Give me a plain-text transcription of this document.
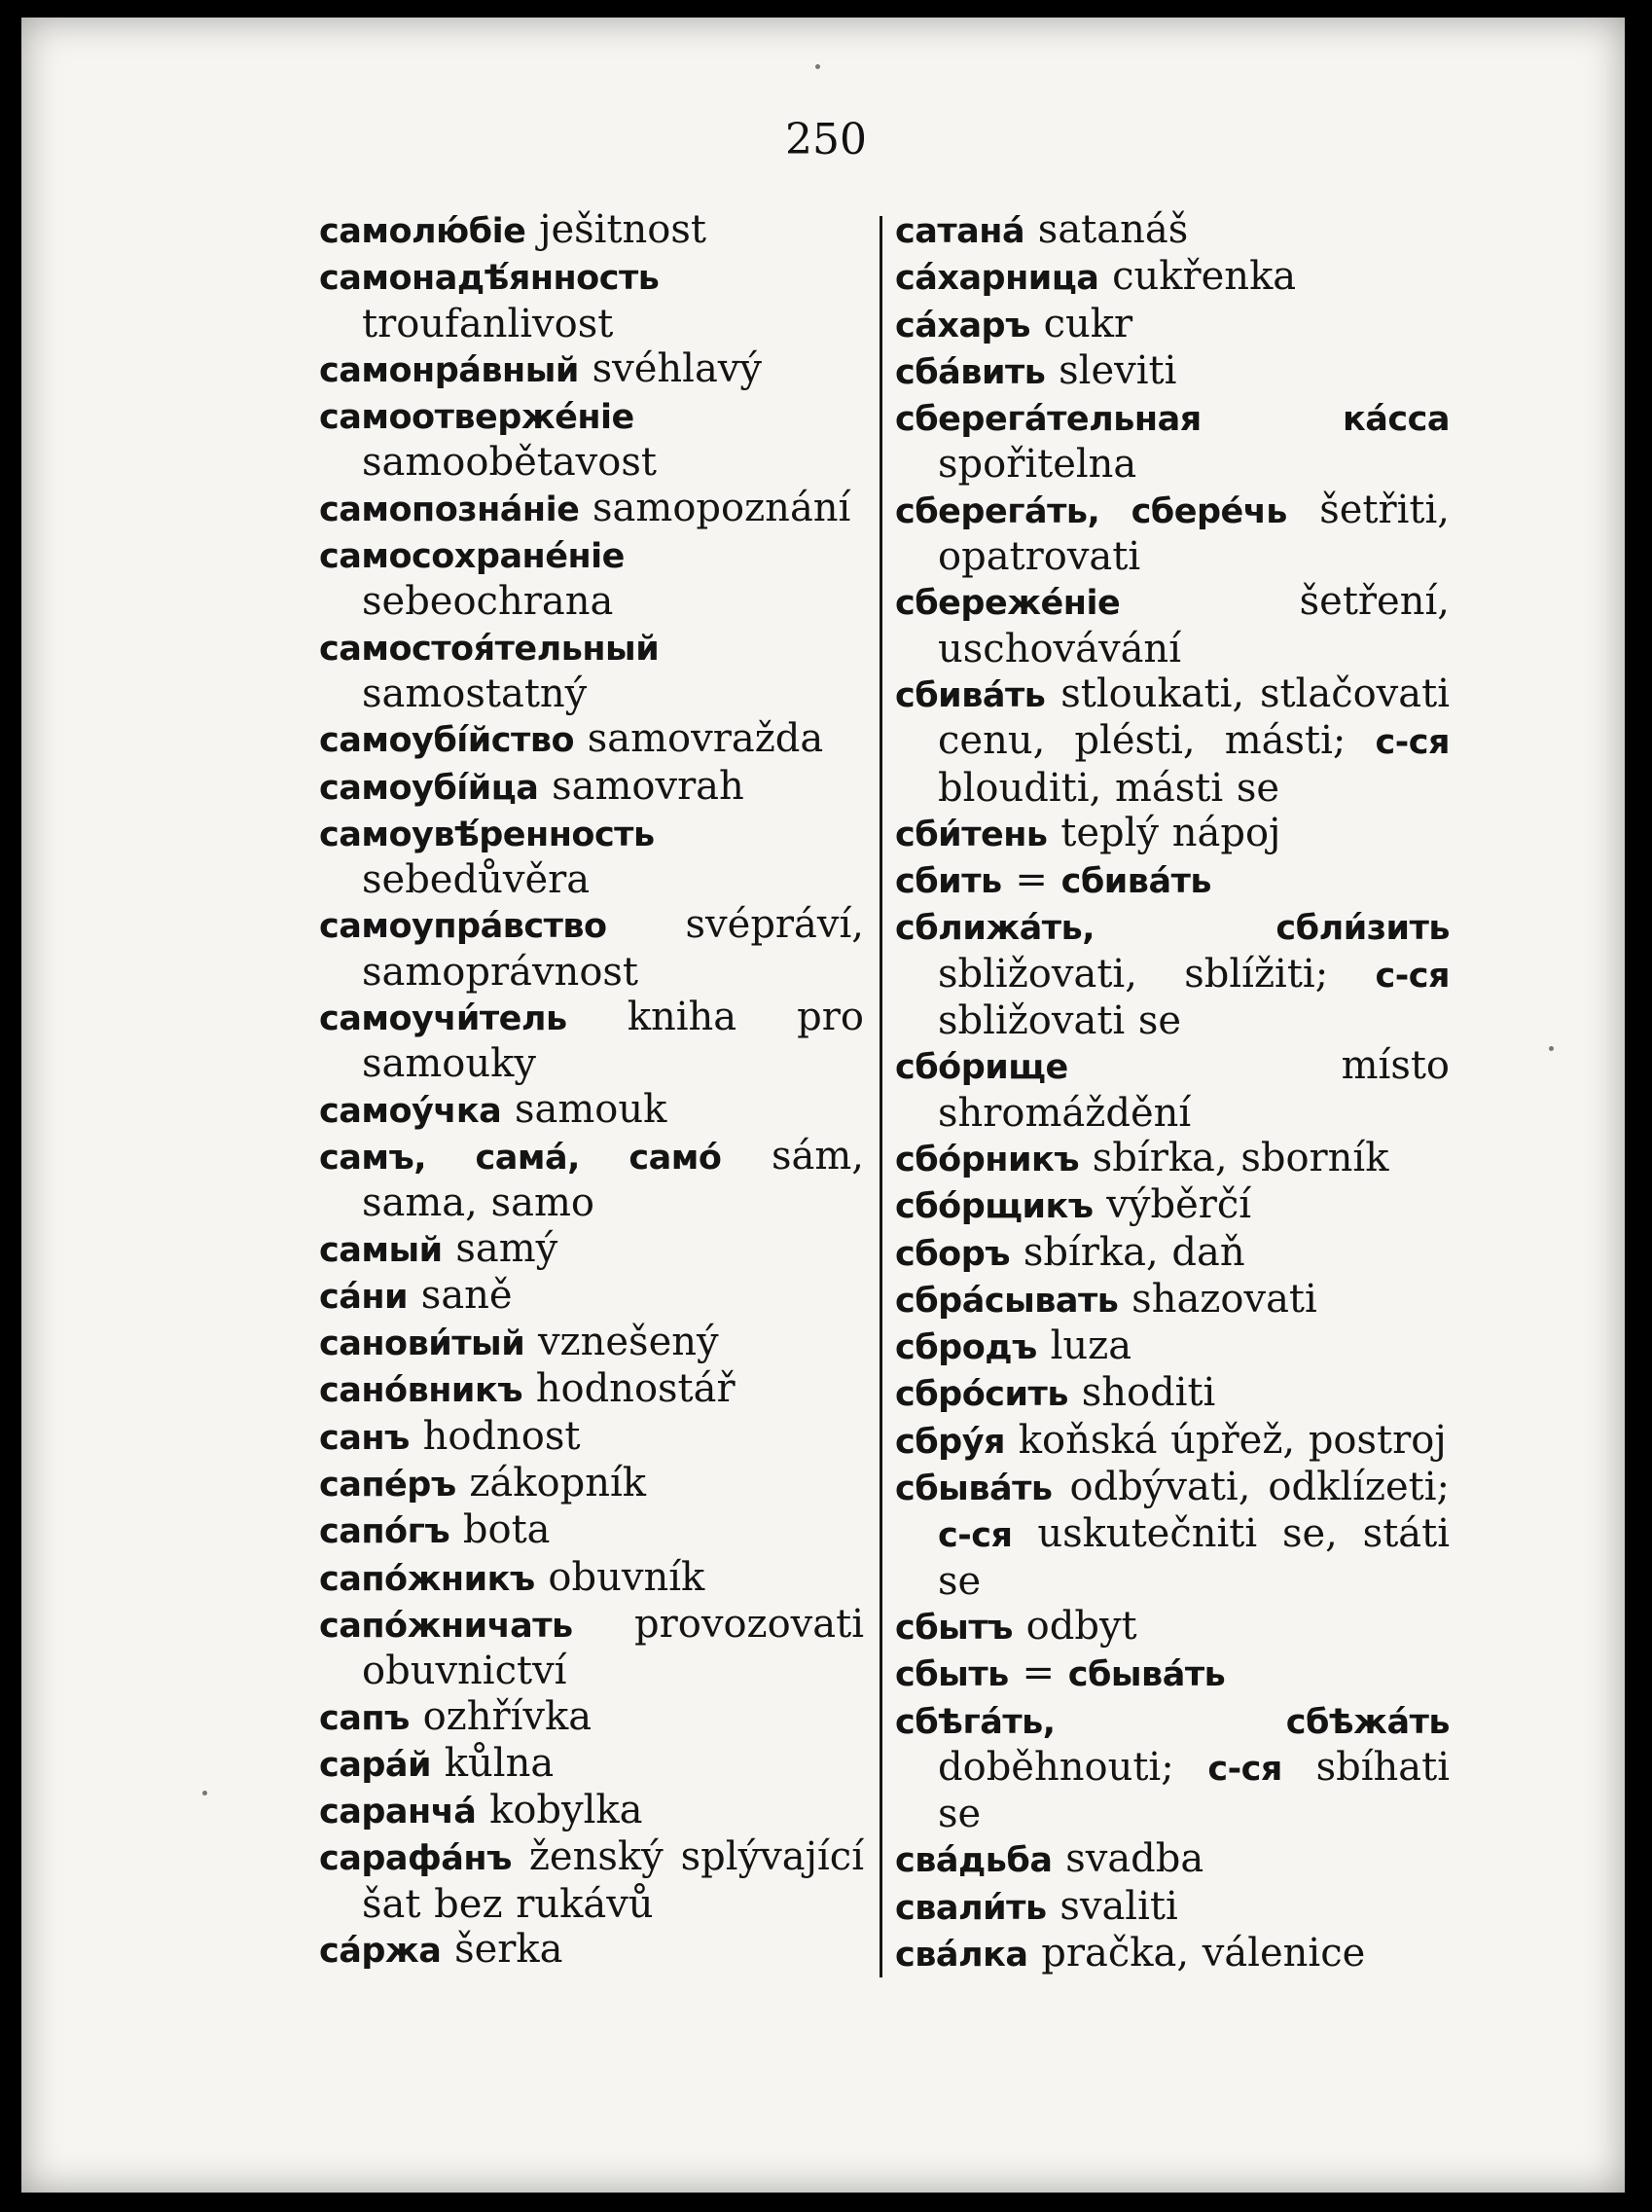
250
самолю́біе ješitnost
самонадѣ́янность troufanlivost
самонра́вный svéhlavý
самоотверже́ніе samoobětavost
самопозна́ніе samopoznání
самосохране́ніе sebeochrana
самостоя́тельный samostatný
самоубі́йство samovražda
самоубі́йца samovrah
самоувѣ́ренность sebedůvěra
самоупра́вство svépráví, samoprávnost
самоучи́тель kniha pro samouky
самоу́чка samouk
самъ, сама́, само́ sám, sama, samo
самый samý
са́ни saně
санови́тый vznešený
сано́вникъ hodnostář
санъ hodnost
сапе́ръ zákopník
сапо́гъ bota
сапо́жникъ obuvník
сапо́жничать provozovati obuvnictví
сапъ ozhřívka
сара́й kůlna
саранча́ kobylka
сарафа́нъ ženský splývající šat bez rukávů
са́ржа šerka
сатана́ satanáš
са́харница cukřenka
са́харъ cukr
сба́вить sleviti
сберега́тельная ка́сса spořitelna
сберега́ть, сберéчь šetřiti, opatrovati
сбереже́ніе	šetření, uschovávání
сбива́ть stloukati, stlačovati cenu, plésti, másti; с-ся blouditi, másti se
сби́тень teplý nápoj
сбить = сбива́ть
сближа́ть, сбли́зить sbližovati, sblížiti; с-ся sbližovati se
сбо́рище	místo shromáždění
сбо́рникъ sbírka, sborník
сбо́рщикъ výběrčí
сборъ sbírka, daň
сбра́сывать shazovati
сбродъ luza
сбро́сить shoditi
сбру́я koňská úpřež, postroj
сбыва́ть odbývati, odklízeti; с-ся uskutečniti se, státi se
сбытъ odbyt
сбыть = сбыва́ть
сбѣга́ть, сбѣжа́ть doběhnouti; с-ся sbíhati se
сва́дьба svadba
свали́ть svaliti
сва́лка pračka, válenice
